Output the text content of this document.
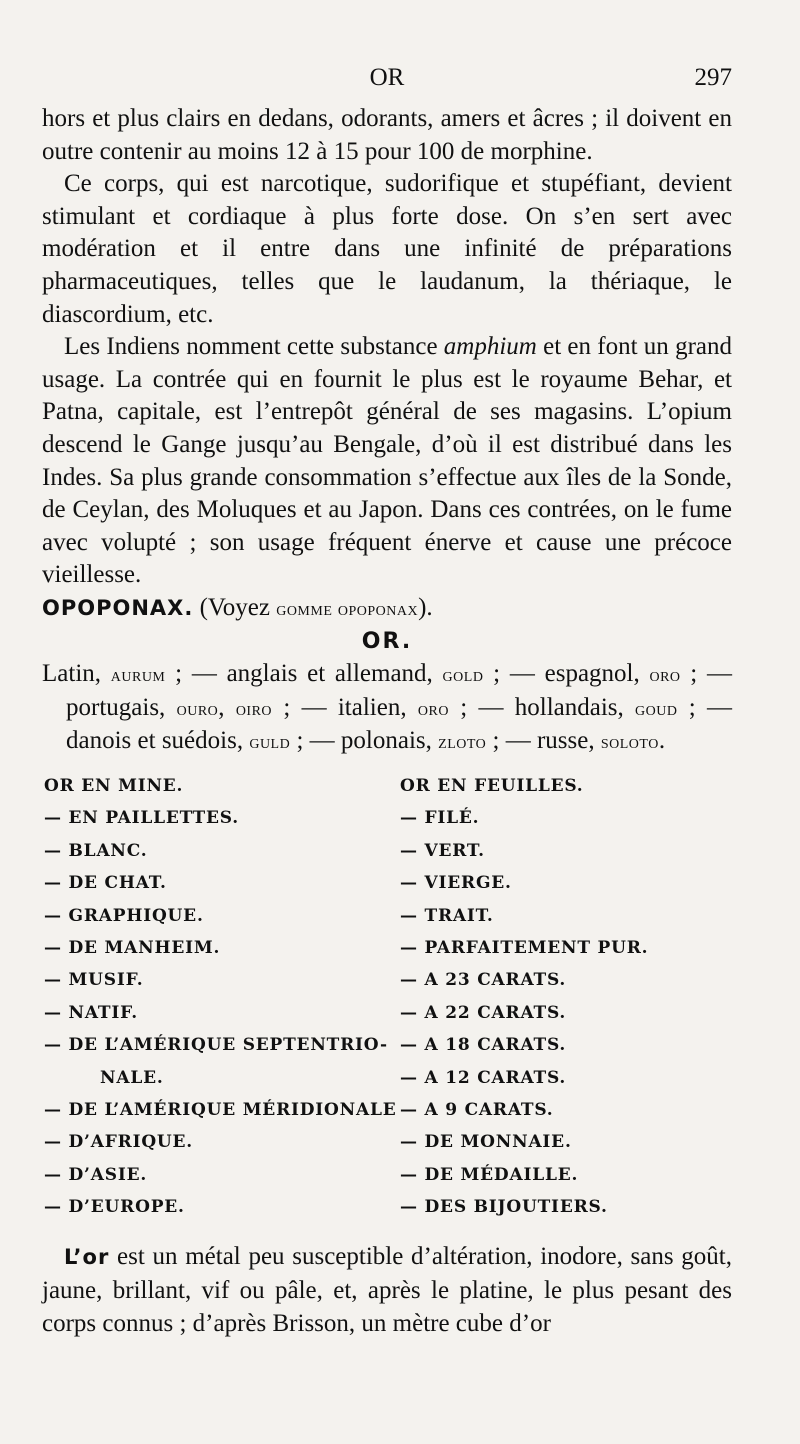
OR	297

hors et plus clairs en dedans, odorants, amers et âcres ; il doivent en outre contenir au moins 12 à 15 pour 100 de morphine.

Ce corps, qui est narcotique, sudorifique et stupéfiant, devient stimulant et cordiaque à plus forte dose. On s’en sert avec modération et il entre dans une infinité de préparations pharmaceutiques, telles que le laudanum, la thériaque, le diascordium, etc.

Les Indiens nomment cette substance amphium et en font un grand usage. La contrée qui en fournit le plus est le royaume Behar, et Patna, capitale, est l’entrepôt général de ses magasins. L’opium descend le Gange jusqu’au Bengale, d’où il est distribué dans les Indes. Sa plus grande consommation s’effectue aux îles de la Sonde, de Ceylan, des Moluques et au Japon. Dans ces contrées, on le fume avec volupté ; son usage fréquent énerve et cause une précoce vieillesse.

OPOPONAX. (Voyez gomme opoponax).

OR.

Latin, aurum ; — anglais et allemand, gold ; — espagnol, oro ; — portugais, ouro, oiro ; — italien, oro ; — hollandais, goud ; — danois et suédois, guld ; — polonais, zloto ; — russe, soloto.

OR EN MINE.
— EN PAILLETTES.
— BLANC.
— DE CHAT.
— GRAPHIQUE.
— DE MANHEIM.
— MUSIF.
— NATIF.
— DE L’AMÉRIQUE SEPTENTRIO-
NALE.
— DE L’AMÉRIQUE MÉRIDIONALE
— D’AFRIQUE.
— D’ASIE.
— D’EUROPE.
OR EN FEUILLES.
— FILÉ.
— VERT.
— VIERGE.
— TRAIT.
— PARFAITEMENT PUR.
— A 23 CARATS.
— A 22 CARATS.
— A 18 CARATS.
— A 12 CARATS.
— A 9 CARATS.
— DE MONNAIE.
— DE MÉDAILLE.
— DES BIJOUTIERS.

L’or est un métal peu susceptible d’altération, inodore, sans goût, jaune, brillant, vif ou pâle, et, après le platine, le plus pesant des corps connus ; d’après Brisson, un mètre cube d’or
